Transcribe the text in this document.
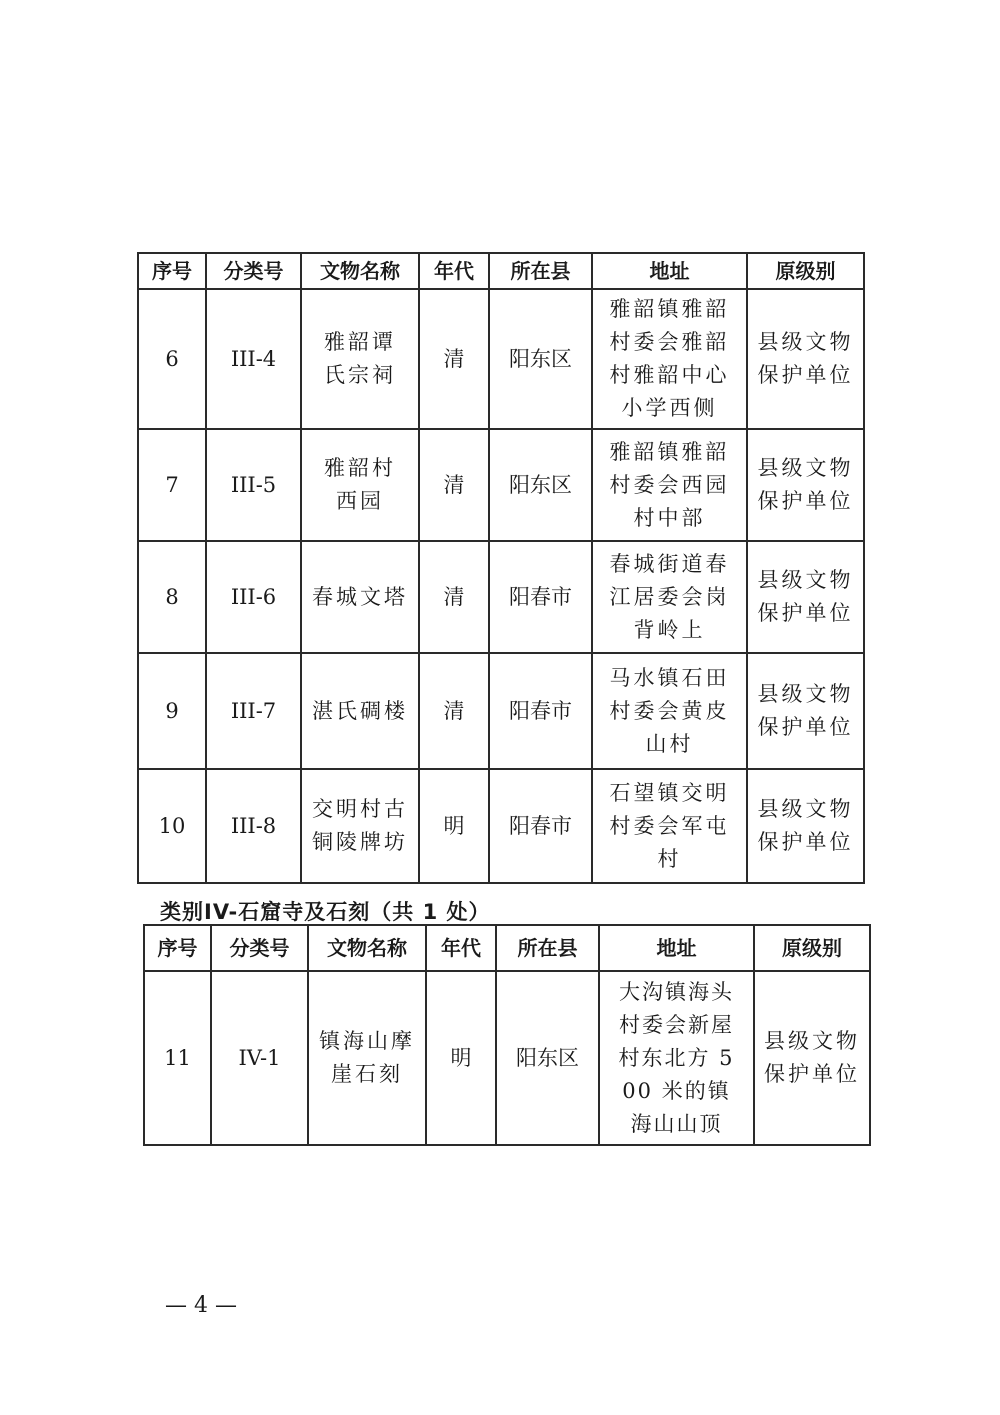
序号	分类号	文物名称	年代	所在县	地址	原级别
6	III-4	雅韶谭氏宗祠	清	阳东区	雅韶镇雅韶村委会雅韶村雅韶中心小学西侧	县级文物保护单位
7	III-5	雅韶村西园	清	阳东区	雅韶镇雅韶村委会西园村中部	县级文物保护单位
8	III-6	春城文塔	清	阳春市	春城街道春江居委会岗背岭上	县级文物保护单位
9	III-7	湛氏碉楼	清	阳春市	马水镇石田村委会黄皮山村	县级文物保护单位
10	III-8	交明村古铜陵牌坊	明	阳春市	石望镇交明村委会军屯村	县级文物保护单位
类别IV-石窟寺及石刻（共 1 处）
序号	分类号	文物名称	年代	所在县	地址	原级别
11	IV-1	镇海山摩崖石刻	明	阳东区	大沟镇海头村委会新屋村东北方 500 米的镇海山山顶	县级文物保护单位
— 4 —
